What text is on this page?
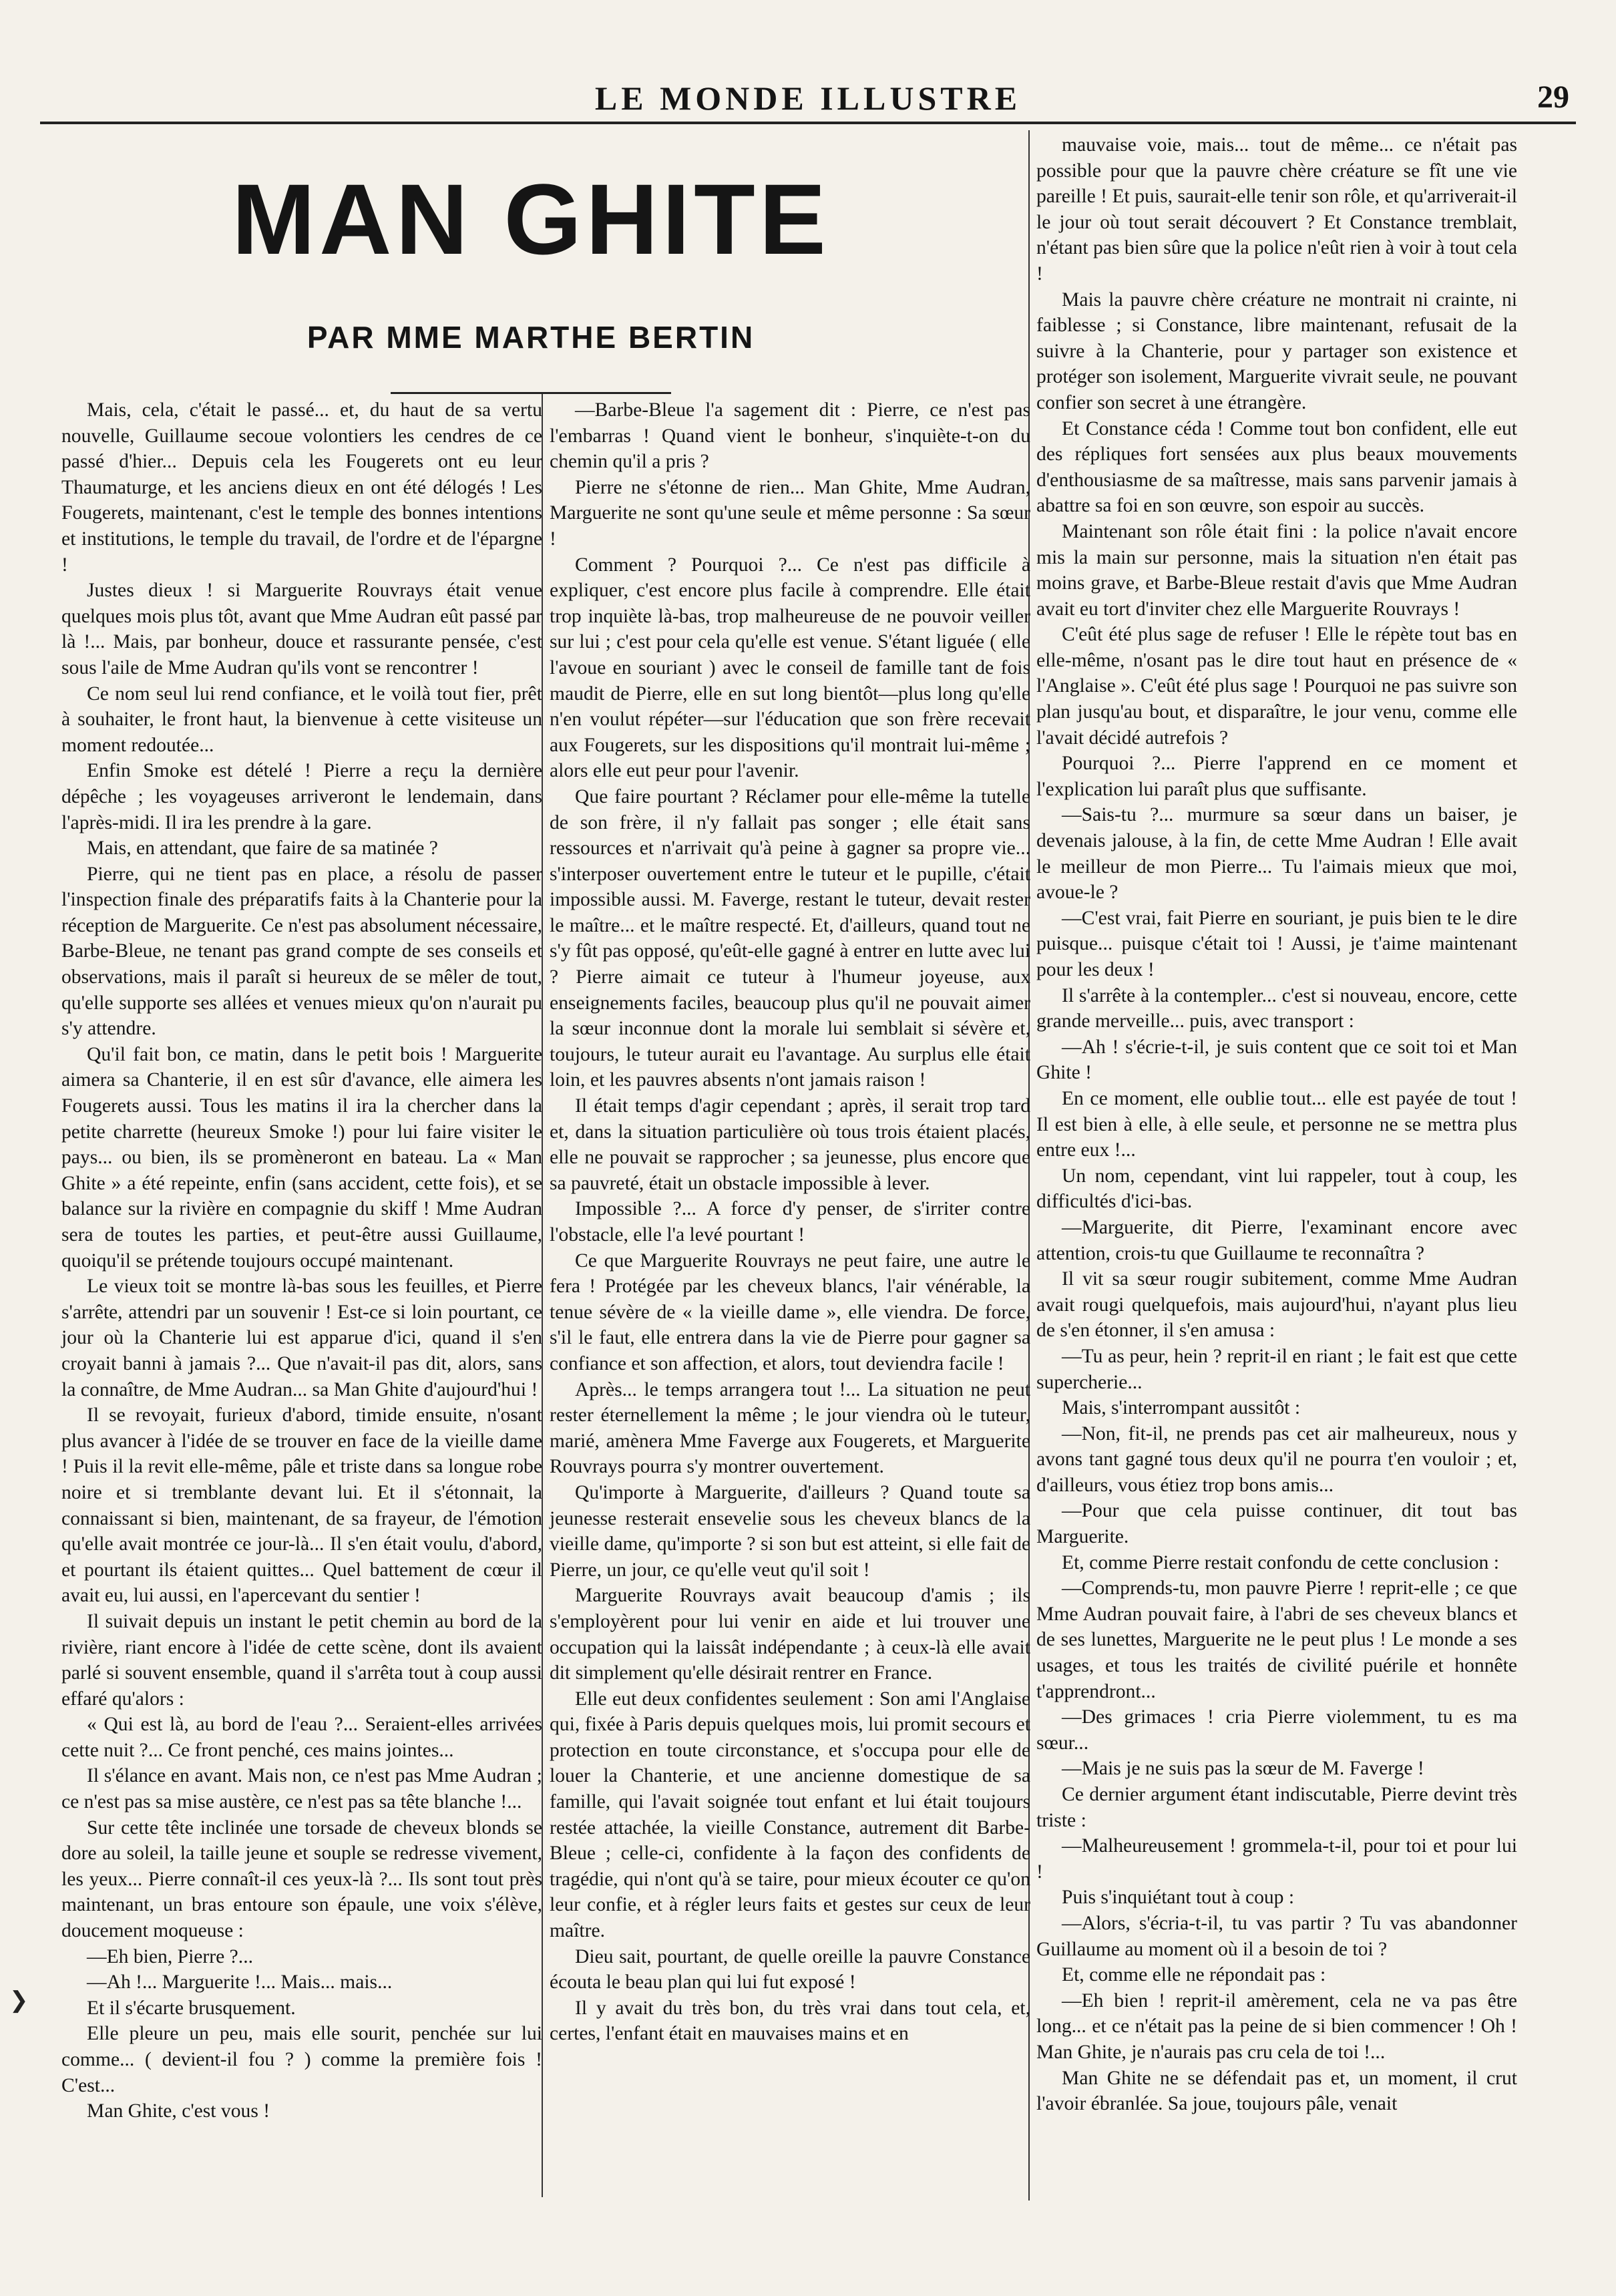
LE MONDE ILLUSTRE	29
MAN GHITE
PAR MME MARTHE BERTIN

Mais, cela, c'était le passé... et, du haut de sa vertu nouvelle, Guillaume secoue volontiers les cendres de ce passé d'hier... Depuis cela les Fougerets ont eu leur Thaumaturge, et les anciens dieux en ont été délogés ! Les Fougerets, maintenant, c'est le temple des bonnes intentions et institutions, le temple du travail, de l'ordre et de l'épargne !

Justes dieux ! si Marguerite Rouvrays était venue quelques mois plus tôt, avant que Mme Audran eût passé par là !... Mais, par bonheur, douce et rassurante pensée, c'est sous l'aile de Mme Audran qu'ils vont se rencontrer !

Ce nom seul lui rend confiance, et le voilà tout fier, prêt à souhaiter, le front haut, la bienvenue à cette visiteuse un moment redoutée...

Enfin Smoke est dételé ! Pierre a reçu la dernière dépêche ; les voyageuses arriveront le lendemain, dans l'après-midi. Il ira les prendre à la gare.

Mais, en attendant, que faire de sa matinée ?

Pierre, qui ne tient pas en place, a résolu de passer l'inspection finale des préparatifs faits à la Chanterie pour la réception de Marguerite. Ce n'est pas absolument nécessaire, Barbe-Bleue, ne tenant pas grand compte de ses conseils et observations, mais il paraît si heureux de se mêler de tout, qu'elle supporte ses allées et venues mieux qu'on n'aurait pu s'y attendre.

Qu'il fait bon, ce matin, dans le petit bois ! Marguerite aimera sa Chanterie, il en est sûr d'avance, elle aimera les Fougerets aussi. Tous les matins il ira la chercher dans la petite charrette (heureux Smoke !) pour lui faire visiter le pays... ou bien, ils se promèneront en bateau. La « Man Ghite » a été repeinte, enfin (sans accident, cette fois), et se balance sur la rivière en compagnie du skiff ! Mme Audran sera de toutes les parties, et peut-être aussi Guillaume, quoiqu'il se prétende toujours occupé maintenant.

Le vieux toit se montre là-bas sous les feuilles, et Pierre s'arrête, attendri par un souvenir ! Est-ce si loin pourtant, ce jour où la Chanterie lui est apparue d'ici, quand il s'en croyait banni à jamais ?... Que n'avait-il pas dit, alors, sans la connaître, de Mme Audran... sa Man Ghite d'aujourd'hui !

Il se revoyait, furieux d'abord, timide ensuite, n'osant plus avancer à l'idée de se trouver en face de la vieille dame ! Puis il la revit elle-même, pâle et triste dans sa longue robe noire et si tremblante devant lui. Et il s'étonnait, la connaissant si bien, maintenant, de sa frayeur, de l'émotion qu'elle avait montrée ce jour-là... Il s'en était voulu, d'abord, et pourtant ils étaient quittes... Quel battement de cœur il avait eu, lui aussi, en l'apercevant du sentier !

Il suivait depuis un instant le petit chemin au bord de la rivière, riant encore à l'idée de cette scène, dont ils avaient parlé si souvent ensemble, quand il s'arrêta tout à coup aussi effaré qu'alors :

« Qui est là, au bord de l'eau ?... Seraient-elles arrivées cette nuit ?... Ce front penché, ces mains jointes...

Il s'élance en avant. Mais non, ce n'est pas Mme Audran ; ce n'est pas sa mise austère, ce n'est pas sa tête blanche !...

Sur cette tête inclinée une torsade de cheveux blonds se dore au soleil, la taille jeune et souple se redresse vivement, les yeux... Pierre connaît-il ces yeux-là ?... Ils sont tout près maintenant, un bras entoure son épaule, une voix s'élève, doucement moqueuse :

—Eh bien, Pierre ?...

—Ah !... Marguerite !... Mais... mais...

Et il s'écarte brusquement.

Elle pleure un peu, mais elle sourit, penchée sur lui comme... ( devient-il fou ? ) comme la première fois ! C'est...

Man Ghite, c'est vous !

—Barbe-Bleue l'a sagement dit : Pierre, ce n'est pas l'embarras ! Quand vient le bonheur, s'inquiète-t-on du chemin qu'il a pris ?

Pierre ne s'étonne de rien... Man Ghite, Mme Audran, Marguerite ne sont qu'une seule et même personne : Sa sœur !

Comment ? Pourquoi ?... Ce n'est pas difficile à expliquer, c'est encore plus facile à comprendre. Elle était trop inquiète là-bas, trop malheureuse de ne pouvoir veiller sur lui ; c'est pour cela qu'elle est venue. S'étant liguée ( elle l'avoue en souriant ) avec le conseil de famille tant de fois maudit de Pierre, elle en sut long bientôt—plus long qu'elle n'en voulut répéter—sur l'éducation que son frère recevait aux Fougerets, sur les dispositions qu'il montrait lui-même ; alors elle eut peur pour l'avenir.

Que faire pourtant ? Réclamer pour elle-même la tutelle de son frère, il n'y fallait pas songer ; elle était sans ressources et n'arrivait qu'à peine à gagner sa propre vie... s'interposer ouvertement entre le tuteur et le pupille, c'était impossible aussi. M. Faverge, restant le tuteur, devait rester le maître... et le maître respecté. Et, d'ailleurs, quand tout ne s'y fût pas opposé, qu'eût-elle gagné à entrer en lutte avec lui ? Pierre aimait ce tuteur à l'humeur joyeuse, aux enseignements faciles, beaucoup plus qu'il ne pouvait aimer la sœur inconnue dont la morale lui semblait si sévère et, toujours, le tuteur aurait eu l'avantage. Au surplus elle était loin, et les pauvres absents n'ont jamais raison !

Il était temps d'agir cependant ; après, il serait trop tard et, dans la situation particulière où tous trois étaient placés, elle ne pouvait se rapprocher ; sa jeunesse, plus encore que sa pauvreté, était un obstacle impossible à lever.

Impossible ?... A force d'y penser, de s'irriter contre l'obstacle, elle l'a levé pourtant !

Ce que Marguerite Rouvrays ne peut faire, une autre le fera ! Protégée par les cheveux blancs, l'air vénérable, la tenue sévère de « la vieille dame », elle viendra. De force, s'il le faut, elle entrera dans la vie de Pierre pour gagner sa confiance et son affection, et alors, tout deviendra facile !

Après... le temps arrangera tout !... La situation ne peut rester éternellement la même ; le jour viendra où le tuteur, marié, amènera Mme Faverge aux Fougerets, et Marguerite Rouvrays pourra s'y montrer ouvertement.

Qu'importe à Marguerite, d'ailleurs ? Quand toute sa jeunesse resterait ensevelie sous les cheveux blancs de la vieille dame, qu'importe ? si son but est atteint, si elle fait de Pierre, un jour, ce qu'elle veut qu'il soit !

Marguerite Rouvrays avait beaucoup d'amis ; ils s'employèrent pour lui venir en aide et lui trouver une occupation qui la laissât indépendante ; à ceux-là elle avait dit simplement qu'elle désirait rentrer en France.

Elle eut deux confidentes seulement : Son ami l'Anglaise qui, fixée à Paris depuis quelques mois, lui promit secours et protection en toute circonstance, et s'occupa pour elle de louer la Chanterie, et une ancienne domestique de sa famille, qui l'avait soignée tout enfant et lui était toujours restée attachée, la vieille Constance, autrement dit Barbe-Bleue ; celle-ci, confidente à la façon des confidents de tragédie, qui n'ont qu'à se taire, pour mieux écouter ce qu'on leur confie, et à régler leurs faits et gestes sur ceux de leur maître.

Dieu sait, pourtant, de quelle oreille la pauvre Constance écouta le beau plan qui lui fut exposé !

Il y avait du très bon, du très vrai dans tout cela, et, certes, l'enfant était en mauvaises mains et en

mauvaise voie, mais... tout de même... ce n'était pas possible pour que la pauvre chère créature se fît une vie pareille ! Et puis, saurait-elle tenir son rôle, et qu'arriverait-il le jour où tout serait découvert ? Et Constance tremblait, n'étant pas bien sûre que la police n'eût rien à voir à tout cela !

Mais la pauvre chère créature ne montrait ni crainte, ni faiblesse ; si Constance, libre maintenant, refusait de la suivre à la Chanterie, pour y partager son existence et protéger son isolement, Marguerite vivrait seule, ne pouvant confier son secret à une étrangère.

Et Constance céda ! Comme tout bon confident, elle eut des répliques fort sensées aux plus beaux mouvements d'enthousiasme de sa maîtresse, mais sans parvenir jamais à abattre sa foi en son œuvre, son espoir au succès.

Maintenant son rôle était fini : la police n'avait encore mis la main sur personne, mais la situation n'en était pas moins grave, et Barbe-Bleue restait d'avis que Mme Audran avait eu tort d'inviter chez elle Marguerite Rouvrays !

C'eût été plus sage de refuser ! Elle le répète tout bas en elle-même, n'osant pas le dire tout haut en présence de « l'Anglaise ». C'eût été plus sage ! Pourquoi ne pas suivre son plan jusqu'au bout, et disparaître, le jour venu, comme elle l'avait décidé autrefois ?

Pourquoi ?... Pierre l'apprend en ce moment et l'explication lui paraît plus que suffisante.

—Sais-tu ?... murmure sa sœur dans un baiser, je devenais jalouse, à la fin, de cette Mme Audran ! Elle avait le meilleur de mon Pierre... Tu l'aimais mieux que moi, avoue-le ?

—C'est vrai, fait Pierre en souriant, je puis bien te le dire puisque... puisque c'était toi ! Aussi, je t'aime maintenant pour les deux !

Il s'arrête à la contempler... c'est si nouveau, encore, cette grande merveille... puis, avec transport :

—Ah ! s'écrie-t-il, je suis content que ce soit toi et Man Ghite !

En ce moment, elle oublie tout... elle est payée de tout ! Il est bien à elle, à elle seule, et personne ne se mettra plus entre eux !...

Un nom, cependant, vint lui rappeler, tout à coup, les difficultés d'ici-bas.

—Marguerite, dit Pierre, l'examinant encore avec attention, crois-tu que Guillaume te reconnaîtra ?

Il vit sa sœur rougir subitement, comme Mme Audran avait rougi quelquefois, mais aujourd'hui, n'ayant plus lieu de s'en étonner, il s'en amusa :

—Tu as peur, hein ? reprit-il en riant ; le fait est que cette supercherie...

Mais, s'interrompant aussitôt :

—Non, fit-il, ne prends pas cet air malheureux, nous y avons tant gagné tous deux qu'il ne pourra t'en vouloir ; et, d'ailleurs, vous étiez trop bons amis...

—Pour que cela puisse continuer, dit tout bas Marguerite.

Et, comme Pierre restait confondu de cette conclusion :

—Comprends-tu, mon pauvre Pierre ! reprit-elle ; ce que Mme Audran pouvait faire, à l'abri de ses cheveux blancs et de ses lunettes, Marguerite ne le peut plus ! Le monde a ses usages, et tous les traités de civilité puérile et honnête t'apprendront...

—Des grimaces ! cria Pierre violemment, tu es ma sœur...

—Mais je ne suis pas la sœur de M. Faverge !

Ce dernier argument étant indiscutable, Pierre devint très triste :

—Malheureusement ! grommela-t-il, pour toi et pour lui !

Puis s'inquiétant tout à coup :

—Alors, s'écria-t-il, tu vas partir ? Tu vas abandonner Guillaume au moment où il a besoin de toi ?

Et, comme elle ne répondait pas :

—Eh bien ! reprit-il amèrement, cela ne va pas être long... et ce n'était pas la peine de si bien commencer ! Oh ! Man Ghite, je n'aurais pas cru cela de toi !...

Man Ghite ne se défendait pas et, un moment, il crut l'avoir ébranlée. Sa joue, toujours pâle, venait

❯
